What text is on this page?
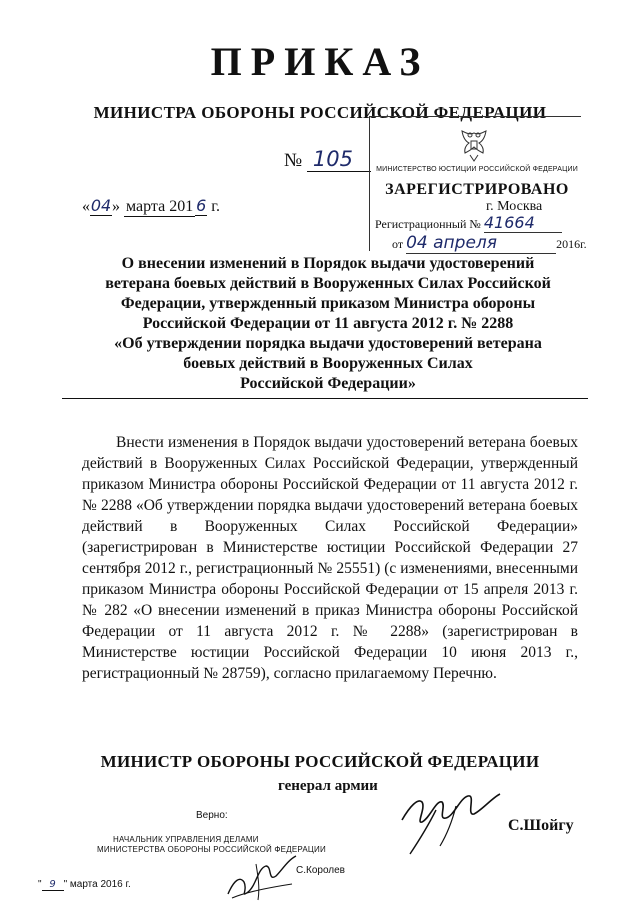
ПРИКАЗ
МИНИСТРА ОБОРОНЫ РОССИЙСКОЙ ФЕДЕРАЦИИ
№ 105
«04» марта 201 6 г.
МИНИСТЕРСТВО ЮСТИЦИИ РОССИЙСКОЙ ФЕДЕРАЦИИ
ЗАРЕГИСТРИРОВАНО
г. Москва
Регистрационный № 41664
от 04 апреля	2016г.
О внесении изменений в Порядок выдачи удостоверений
ветерана боевых действий в Вооруженных Силах Российской
Федерации, утвержденный приказом Министра обороны
Российской Федерации от 11 августа 2012 г. № 2288
«Об утверждении порядка выдачи удостоверений ветерана
боевых действий в Вооруженных Силах
Российской Федерации»
Внести изменения в Порядок выдачи удостоверений ветерана боевых действий в Вооруженных Силах Российской Федерации, утвержденный приказом Министра обороны Российской Федерации от 11 августа 2012 г. № 2288 «Об утверждении порядка выдачи удостоверений ветерана боевых действий в Вооруженных Силах Российской Федерации» (зарегистрирован в Министерстве юстиции Российской Федерации 27 сентября 2012 г., регистрационный № 25551) (с изменениями, внесенными приказом Министра обороны Российской Федерации от 15 апреля 2013 г. № 282 «О внесении изменений в приказ Министра обороны Российской Федерации от 11 августа 2012 г. № 2288» (зарегистрирован в Министерстве юстиции Российской Федерации 10 июня 2013 г., регистрационный № 28759), согласно прилагаемому Перечню.
МИНИСТР ОБОРОНЫ РОССИЙСКОЙ ФЕДЕРАЦИИ
генерал армии
С.Шойгу
Верно:
НАЧАЛЬНИК УПРАВЛЕНИЯ ДЕЛАМИ
МИНИСТЕРСТВА ОБОРОНЫ РОССИЙСКОЙ ФЕДЕРАЦИИ
С.Королев
" 9 " марта 2016 г.
